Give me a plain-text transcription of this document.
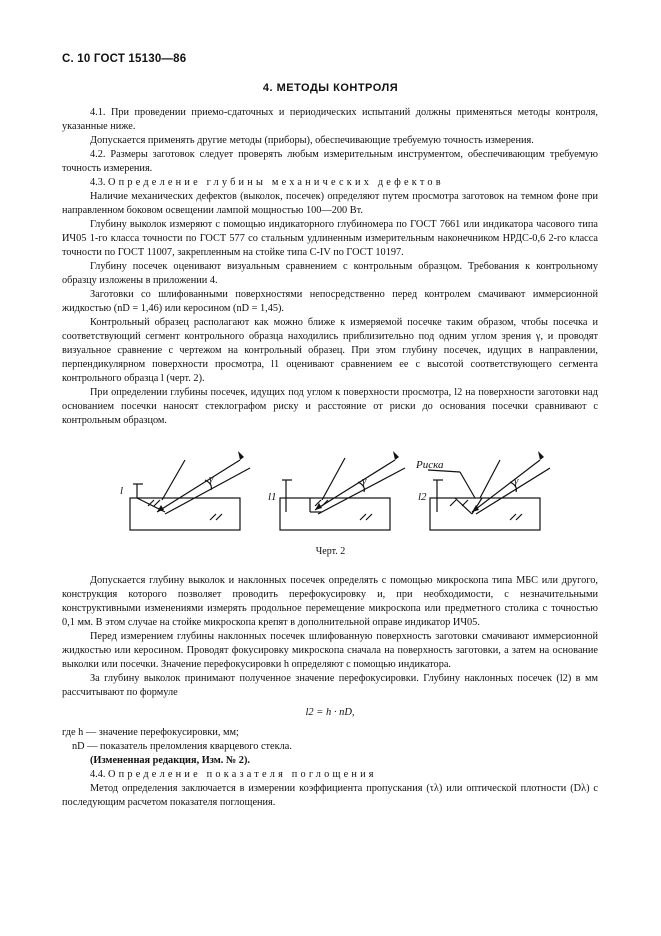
С. 10 ГОСТ 15130—86
4. МЕТОДЫ КОНТРОЛЯ

4.1. При проведении приемо-сдаточных и периодических испытаний должны применяться методы контроля, указанные ниже.

Допускается применять другие методы (приборы), обеспечивающие требуемую точность измерения.

4.2. Размеры заготовок следует проверять любым измерительным инструментом, обеспечивающим требуемую точность измерения.

4.3. Определение глубины механических дефектов

Наличие механических дефектов (выколок, посечек) определяют путем просмотра заготовок на темном фоне при направленном боковом освещении лампой мощностью 100—200 Вт.

Глубину выколок измеряют с помощью индикаторного глубиномера по ГОСТ 7661 или индикатора часового типа ИЧ05 1-го класса точности по ГОСТ 577 со стальным удлиненным измерительным наконечником НРДС-0,6 2-го класса точности по ГОСТ 11007, закрепленным на стойке типа С-IV по ГОСТ 10197.

Глубину посечек оценивают визуальным сравнением с контрольным образцом. Требования к контрольному образцу изложены в приложении 4.

Заготовки со шлифованными поверхностями непосредственно перед контролем смачивают иммерсионной жидкостью (nD = 1,46) или керосином (nD = 1,45).

Контрольный образец располагают как можно ближе к измеряемой посечке таким образом, чтобы посечка и соответствующий сегмент контрольного образца находились приблизительно под одним углом зрения γ, и проводят визуальное сравнение с чертежом на контрольный образец. При этом глубину посечек, идущих в направлении, перпендикулярном поверхности просмотра, l1 оценивают сравнением ее с высотой соответствующего сегмента контрольного образца l (черт. 2).

При определении глубины посечек, идущих под углом к поверхности просмотра, l2 на поверхности заготовки над основанием посечки наносят стеклографом риску и расстояние от риски до основания посечки сравнивают с контрольным образцом.

l	l1	l2
Риска
γ	γ	γ
Черт. 2

Допускается глубину выколок и наклонных посечек определять с помощью микроскопа типа МБС или другого, конструкция которого позволяет проводить перефокусировку и, при необходимости, с незначительными конструктивными изменениями измерять продольное перемещение микроскопа или предметного столика с точностью 0,1 мм. В этом случае на стойке микроскопа крепят в дополнительной оправе индикатор ИЧ05.

Перед измерением глубины наклонных посечек шлифованную поверхность заготовки смачивают иммерсионной жидкостью или керосином. Проводят фокусировку микроскопа сначала на поверхность заготовки, а затем на основание выколки или посечки. Значение перефокусировки h определяют с помощью индикатора.

За глубину выколок принимают полученное значение перефокусировки. Глубину наклонных посечек (l2) в мм рассчитывают по формуле

l2 = h · nD,

где h — значение перефокусировки, мм;

nD — показатель преломления кварцевого стекла.

(Измененная редакция, Изм. № 2).

4.4. Определение показателя поглощения

Метод определения заключается в измерении коэффициента пропускания (τλ) или оптической плотности (Dλ) с последующим расчетом показателя поглощения.
